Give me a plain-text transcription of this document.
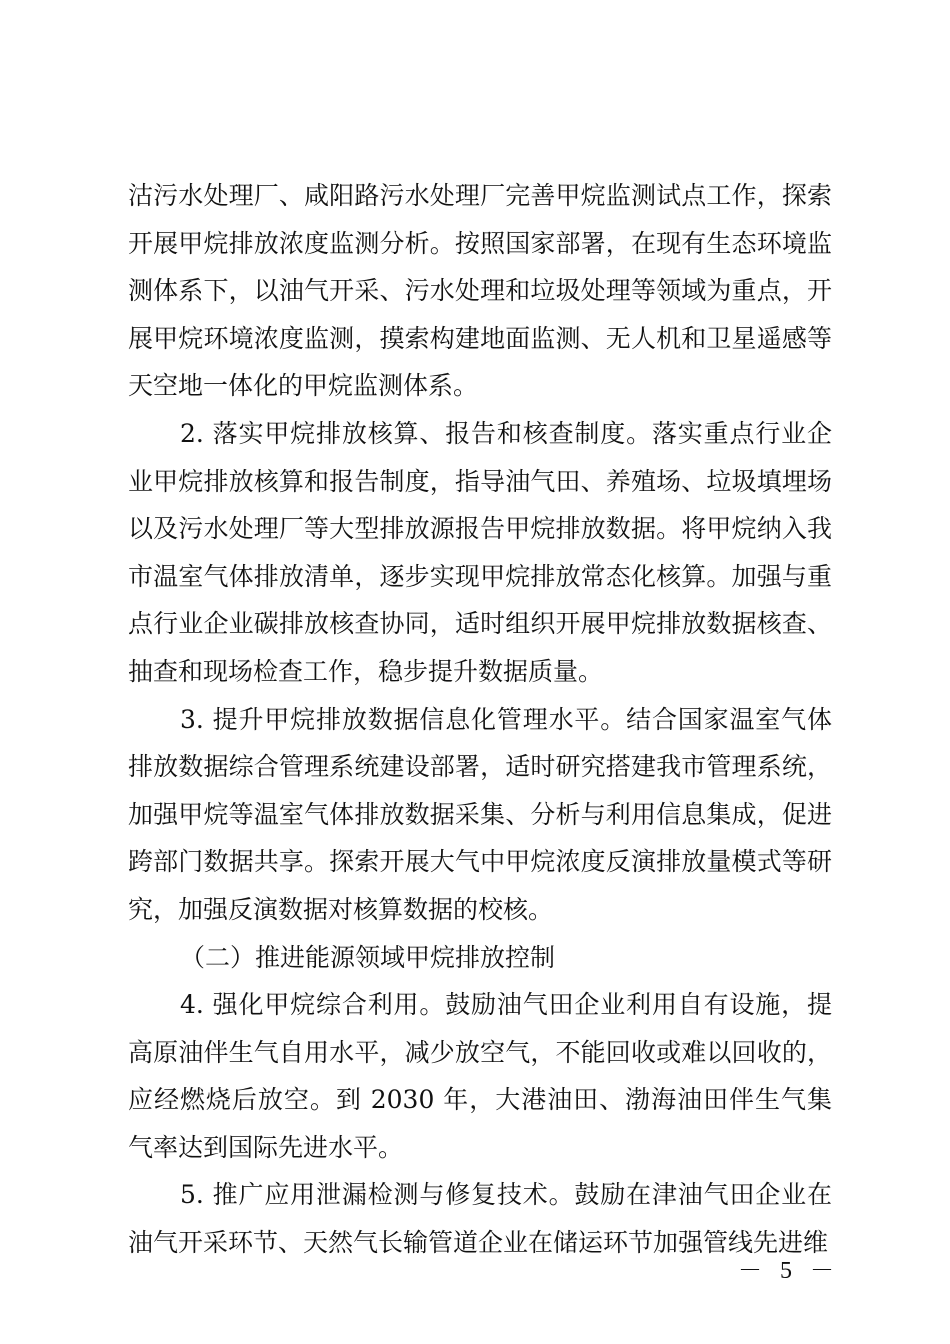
沽污水处理厂、咸阳路污水处理厂完善甲烷监测试点工作，探索开展甲烷排放浓度监测分析。按照国家部署，在现有生态环境监测体系下，以油气开采、污水处理和垃圾处理等领域为重点，开展甲烷环境浓度监测，摸索构建地面监测、无人机和卫星遥感等天空地一体化的甲烷监测体系。

2. 落实甲烷排放核算、报告和核查制度。落实重点行业企业甲烷排放核算和报告制度，指导油气田、养殖场、垃圾填埋场以及污水处理厂等大型排放源报告甲烷排放数据。将甲烷纳入我市温室气体排放清单，逐步实现甲烷排放常态化核算。加强与重点行业企业碳排放核查协同，适时组织开展甲烷排放数据核查、抽查和现场检查工作，稳步提升数据质量。

3. 提升甲烷排放数据信息化管理水平。结合国家温室气体排放数据综合管理系统建设部署，适时研究搭建我市管理系统，加强甲烷等温室气体排放数据采集、分析与利用信息集成，促进跨部门数据共享。探索开展大气中甲烷浓度反演排放量模式等研究，加强反演数据对核算数据的校核。

（二）推进能源领域甲烷排放控制

4. 强化甲烷综合利用。鼓励油气田企业利用自有设施，提高原油伴生气自用水平，减少放空气，不能回收或难以回收的，应经燃烧后放空。到 2030 年，大港油田、渤海油田伴生气集气率达到国际先进水平。

5. 推广应用泄漏检测与修复技术。鼓励在津油气田企业在油气开采环节、天然气长输管道企业在储运环节加强管线先进维

－ 5 －
